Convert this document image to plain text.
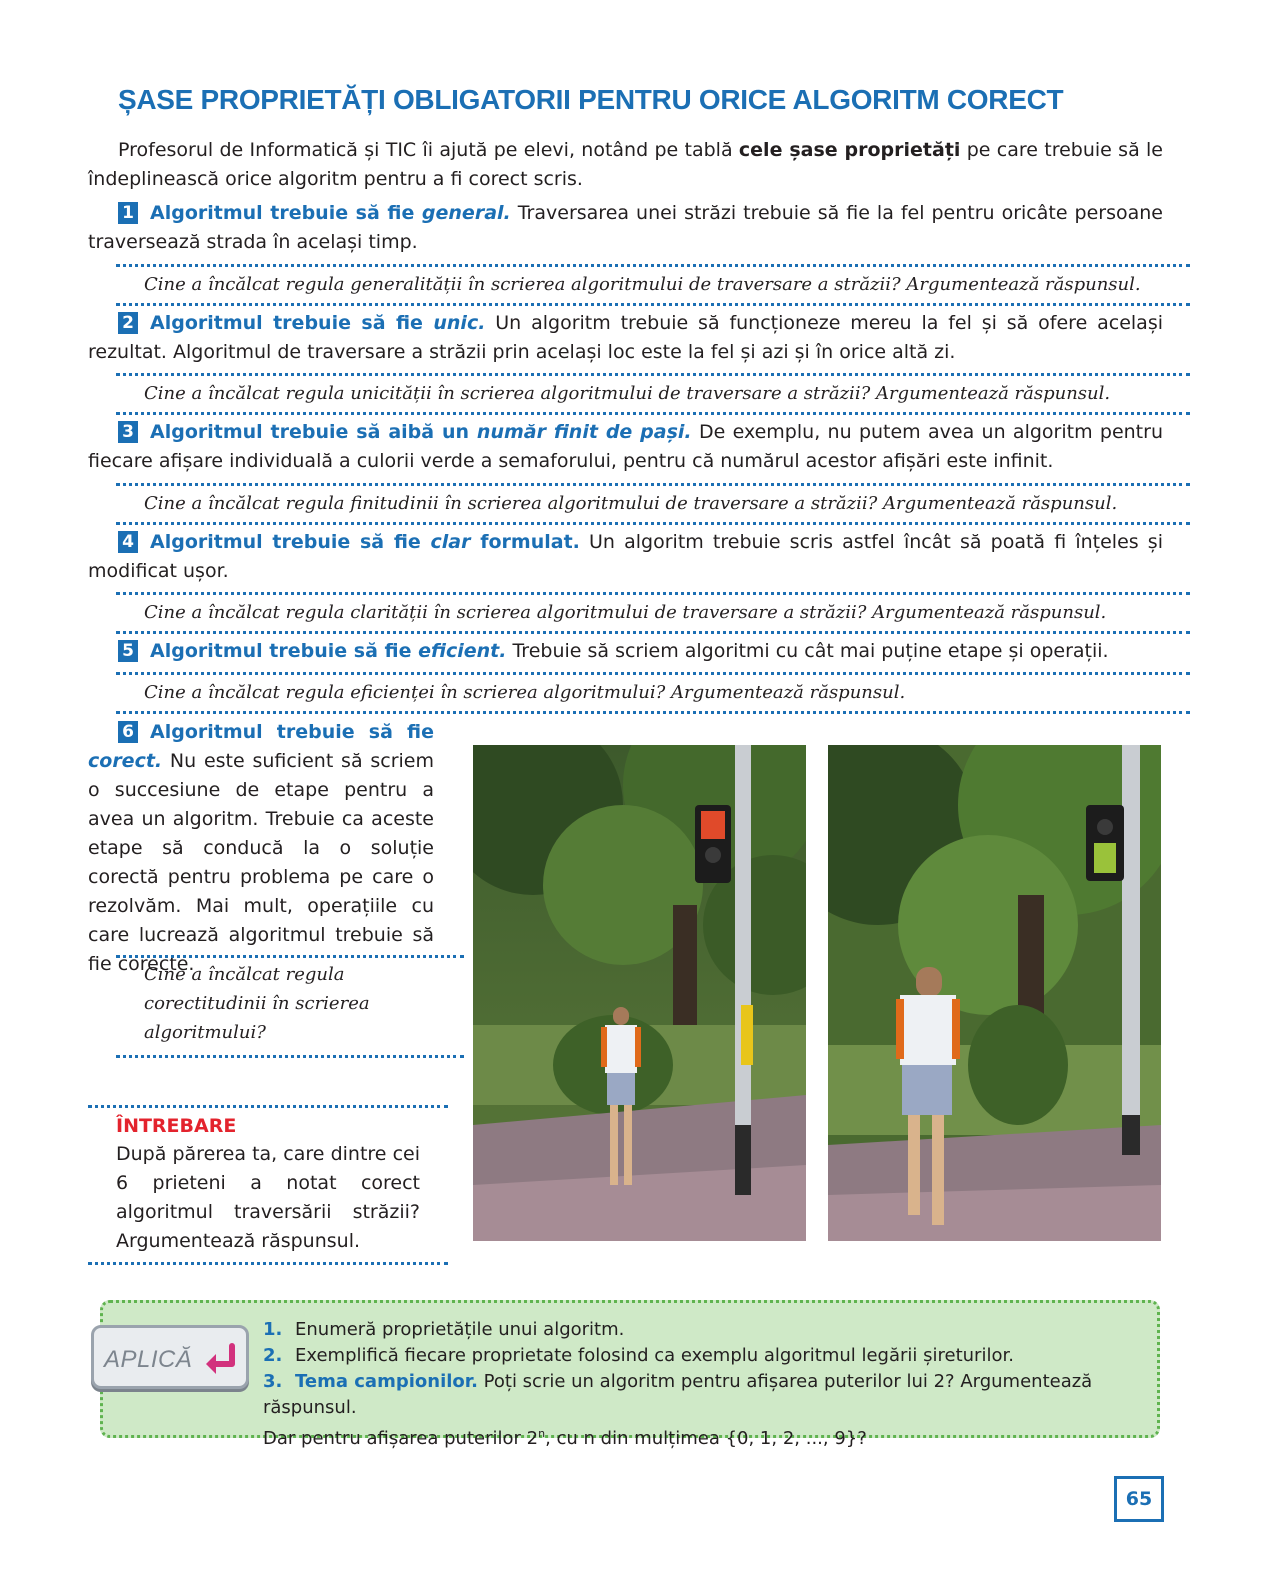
ȘASE PROPRIETĂȚI OBLIGATORII PENTRU ORICE ALGORITM CORECT
Profesorul de Informatică și TIC îi ajută pe elevi, notând pe tablă cele șase proprietăți pe care trebuie să le îndeplinească orice algoritm pentru a fi corect scris.
1 Algoritmul trebuie să fie general. Traversarea unei străzi trebuie să fie la fel pentru oricâte persoane traversează strada în același timp.
Cine a încălcat regula generalității în scrierea algoritmului de traversare a străzii? Argumentează răspunsul.
2 Algoritmul trebuie să fie unic. Un algoritm trebuie să funcționeze mereu la fel și să ofere același rezultat. Algoritmul de traversare a străzii prin același loc este la fel și azi și în orice altă zi.
Cine a încălcat regula unicității în scrierea algoritmului de traversare a străzii? Argumentează răspunsul.
3 Algoritmul trebuie să aibă un număr finit de pași. De exemplu, nu putem avea un algoritm pentru fiecare afișare individuală a culorii verde a semaforului, pentru că numărul acestor afișări este infinit.
Cine a încălcat regula finitudinii în scrierea algoritmului de traversare a străzii? Argumentează răspunsul.
4 Algoritmul trebuie să fie clar formulat. Un algoritm trebuie scris astfel încât să poată fi înțeles și modificat ușor.
Cine a încălcat regula clarității în scrierea algoritmului de traversare a străzii? Argumentează răspunsul.
5 Algoritmul trebuie să fie eficient. Trebuie să scriem algoritmi cu cât mai puține etape și operații.
Cine a încălcat regula eficienței în scrierea algoritmului? Argumentează răspunsul.
6 Algoritmul trebuie să fie corect. Nu este suficient să scriem o succesiune de etape pentru a avea un algoritm. Trebuie ca aceste etape să conducă la o soluție corectă pentru problema pe care o rezolvăm. Mai mult, operațiile cu care lucrează algoritmul trebuie să fie corecte.
Cine a încălcat regula corectitudinii în scrierea algoritmului?
ÎNTREBARE
După părerea ta, care dintre cei 6 prieteni a notat corect algoritmul traversării străzii? Argumentează răspunsul.
APLICĂ
1. Enumeră proprietățile unui algoritm.
2. Exemplifică fiecare proprietate folosind ca exemplu algoritmul legării șireturilor.
3. Tema campionilor. Poți scrie un algoritm pentru afișarea puterilor lui 2? Argumentează răspunsul.
Dar pentru afișarea puterilor 2$^n$, cu n din mulțimea {0, 1, 2, ..., 9}?
65
